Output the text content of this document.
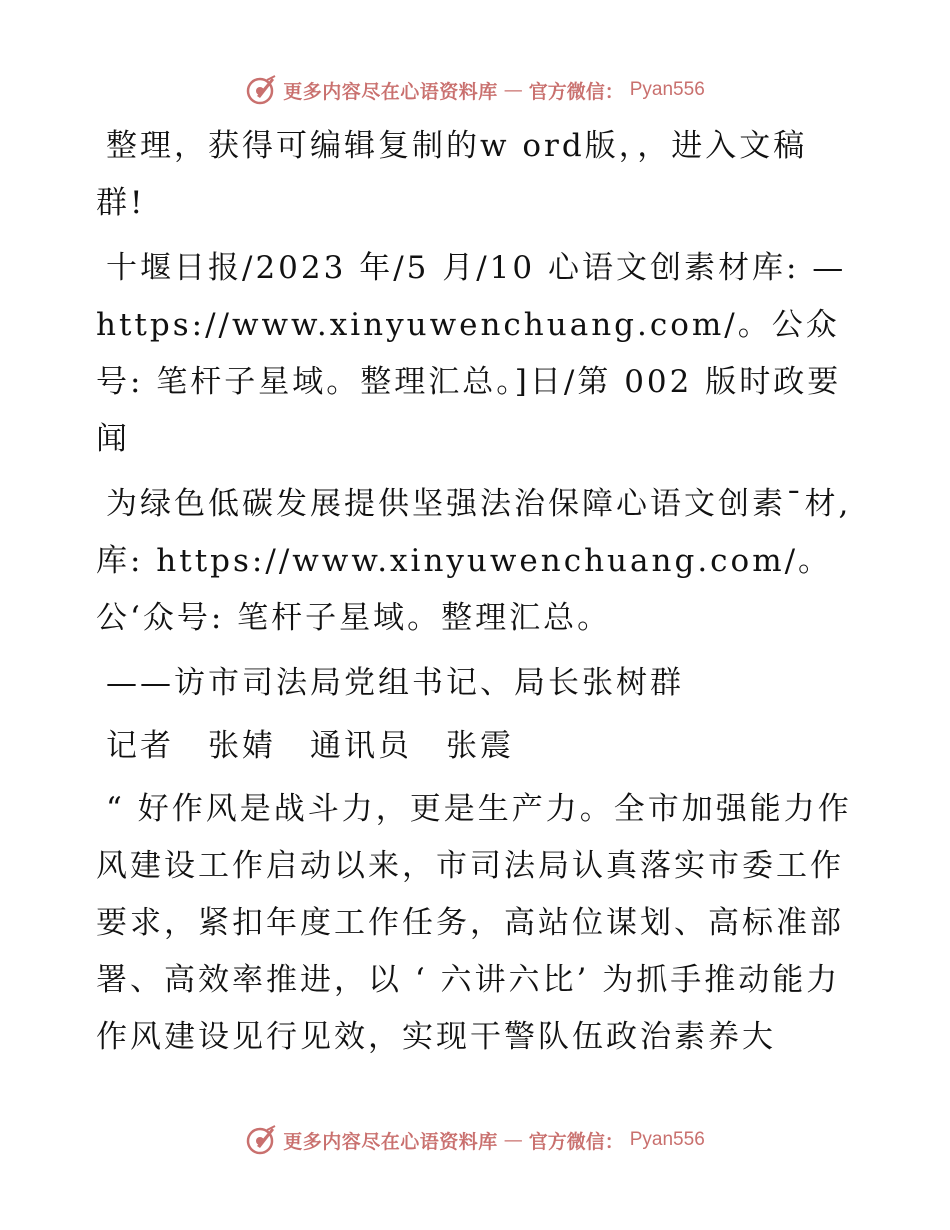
更多内容尽在心语资料库 — 官方微信： Pyan556

整理，获得可编辑复制的w ord版，，进入文稿群!

十堰日报/2023 年/5 月/10 心语文创素材库: —https://www.xinyuwenchuang.com/。公众号: 笔杆子星域。整理汇总。]日/第 002 版时政要闻

为绿色低碳发展提供坚强法治保障心语文创素¯材,库: https://www.xinyuwenchuang.com/。公‘众号: 笔杆子星域。整理汇总。

——访市司法局党组书记、局长张树群

记者　张婧　通讯员　张震

“ 好作风是战斗力，更是生产力。全市加强能力作风建设工作启动以来，市司法局认真落实市委工作要求，紧扣年度工作任务，高站位谋划、高标准部署、高效率推进，以 ‘ 六讲六比’ 为抓手推动能力作风建设见行见效，实现干警队伍政治素养大

更多内容尽在心语资料库 — 官方微信： Pyan556
